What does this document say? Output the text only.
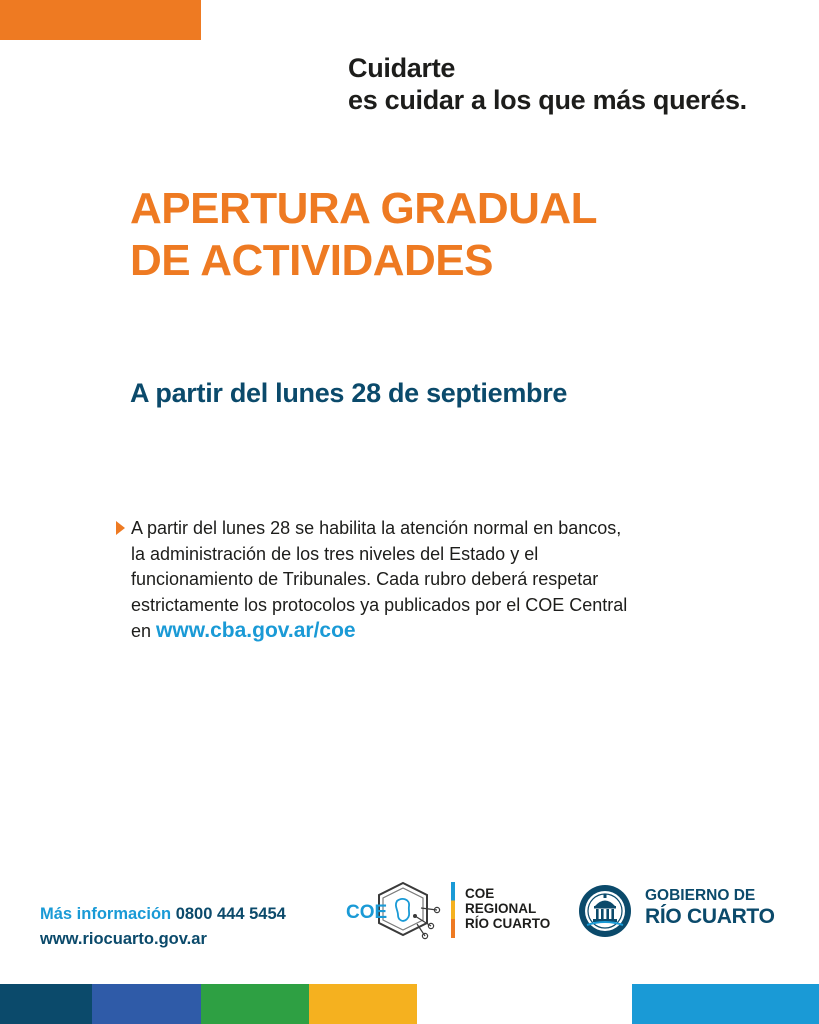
Cuidarte
es cuidar a los que más querés.
APERTURA GRADUAL
DE ACTIVIDADES
A partir del lunes 28 de septiembre
A partir del lunes 28 se habilita la atención normal en bancos,
la administración de los tres niveles del Estado y el
funcionamiento de Tribunales. Cada rubro deberá respetar
estrictamente los protocolos ya publicados por el COE Central
en www.cba.gov.ar/coe
Más información 0800 444 5454
www.riocuarto.gov.ar
COE
COE
REGIONAL
RÍO CUARTO
GOBIERNO DE
RÍO CUARTO
